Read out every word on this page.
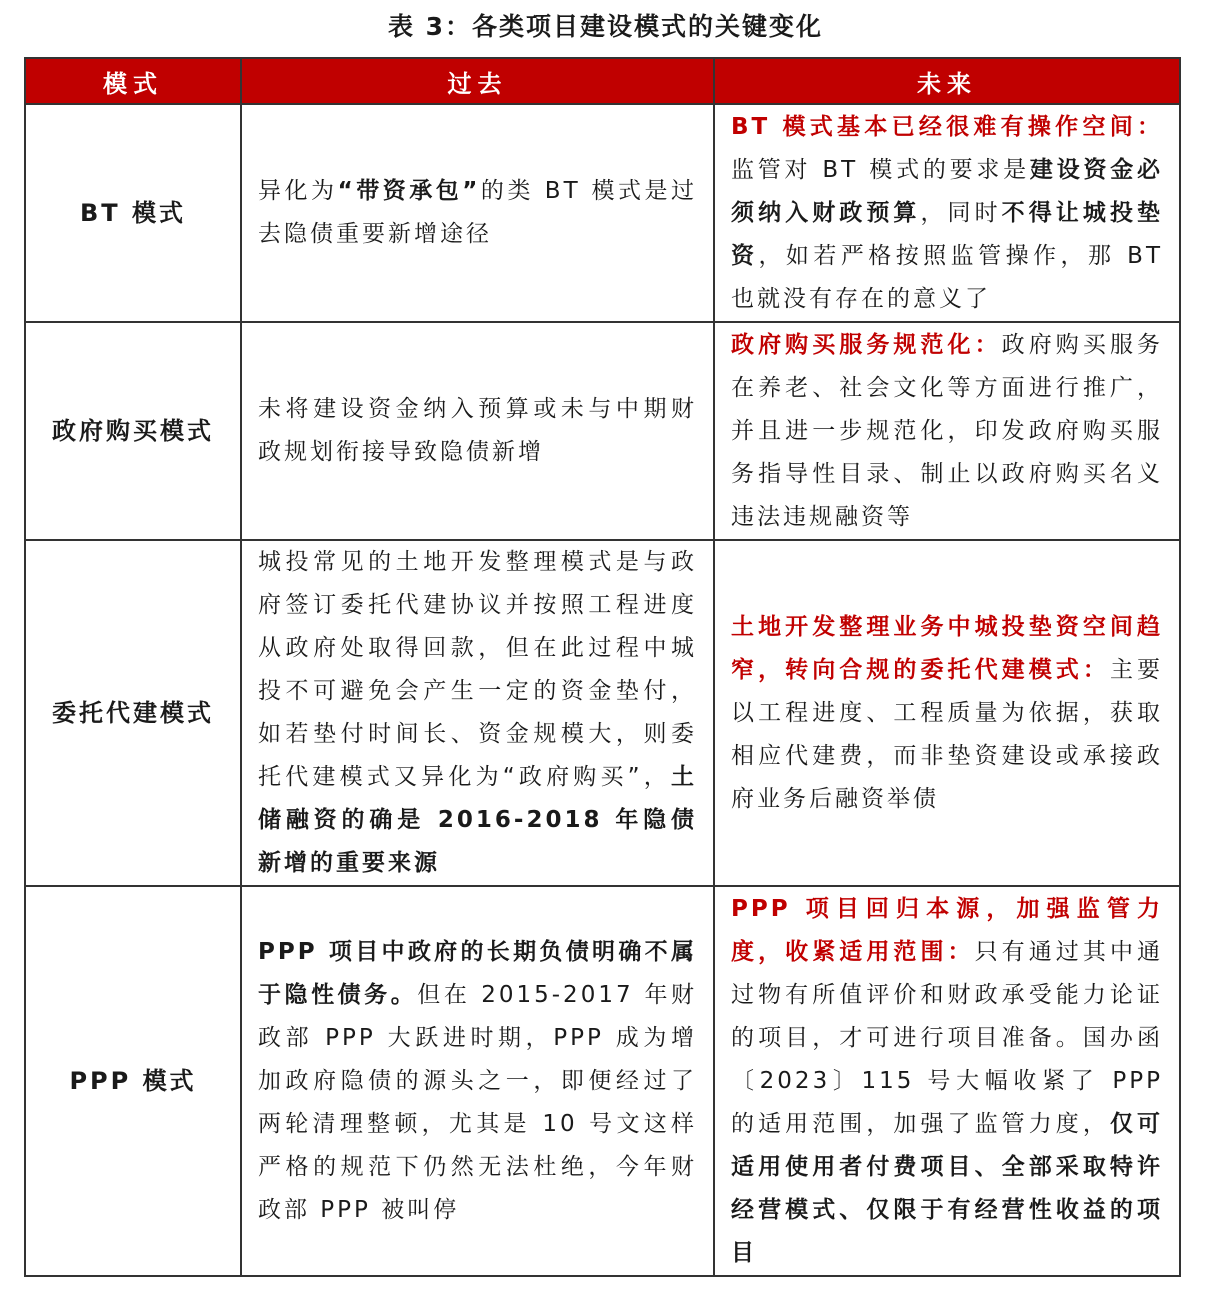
表 3：各类项目建设模式的关键变化
模式	过去	未来
BT 模式	异化为“带资承包”的类 BT 模式是过去隐债重要新增途径	BT 模式基本已经很难有操作空间：监管对 BT 模式的要求是建设资金必须纳入财政预算，同时不得让城投垫资，如若严格按照监管操作，那 BT 也就没有存在的意义了
政府购买模式	未将建设资金纳入预算或未与中期财政规划衔接导致隐债新增	政府购买服务规范化：政府购买服务在养老、社会文化等方面进行推广，并且进一步规范化，印发政府购买服务指导性目录、制止以政府购买名义违法违规融资等
委托代建模式	城投常见的土地开发整理模式是与政府签订委托代建协议并按照工程进度从政府处取得回款，但在此过程中城投不可避免会产生一定的资金垫付，如若垫付时间长、资金规模大，则委托代建模式又异化为“政府购买”，土储融资的确是 2016-2018 年隐债新增的重要来源	土地开发整理业务中城投垫资空间趋窄，转向合规的委托代建模式：主要以工程进度、工程质量为依据，获取相应代建费，而非垫资建设或承接政府业务后融资举债
PPP 模式	PPP 项目中政府的长期负债明确不属于隐性债务。但在 2015-2017 年财政部 PPP 大跃进时期，PPP 成为增加政府隐债的源头之一，即便经过了两轮清理整顿，尤其是 10 号文这样严格的规范下仍然无法杜绝，今年财政部 PPP 被叫停	PPP 项目回归本源，加强监管力度，收紧适用范围：只有通过其中通过物有所值评价和财政承受能力论证的项目，才可进行项目准备。国办函〔2023〕115 号大幅收紧了 PPP 的适用范围，加强了监管力度，仅可适用使用者付费项目、全部采取特许经营模式、仅限于有经营性收益的项目
